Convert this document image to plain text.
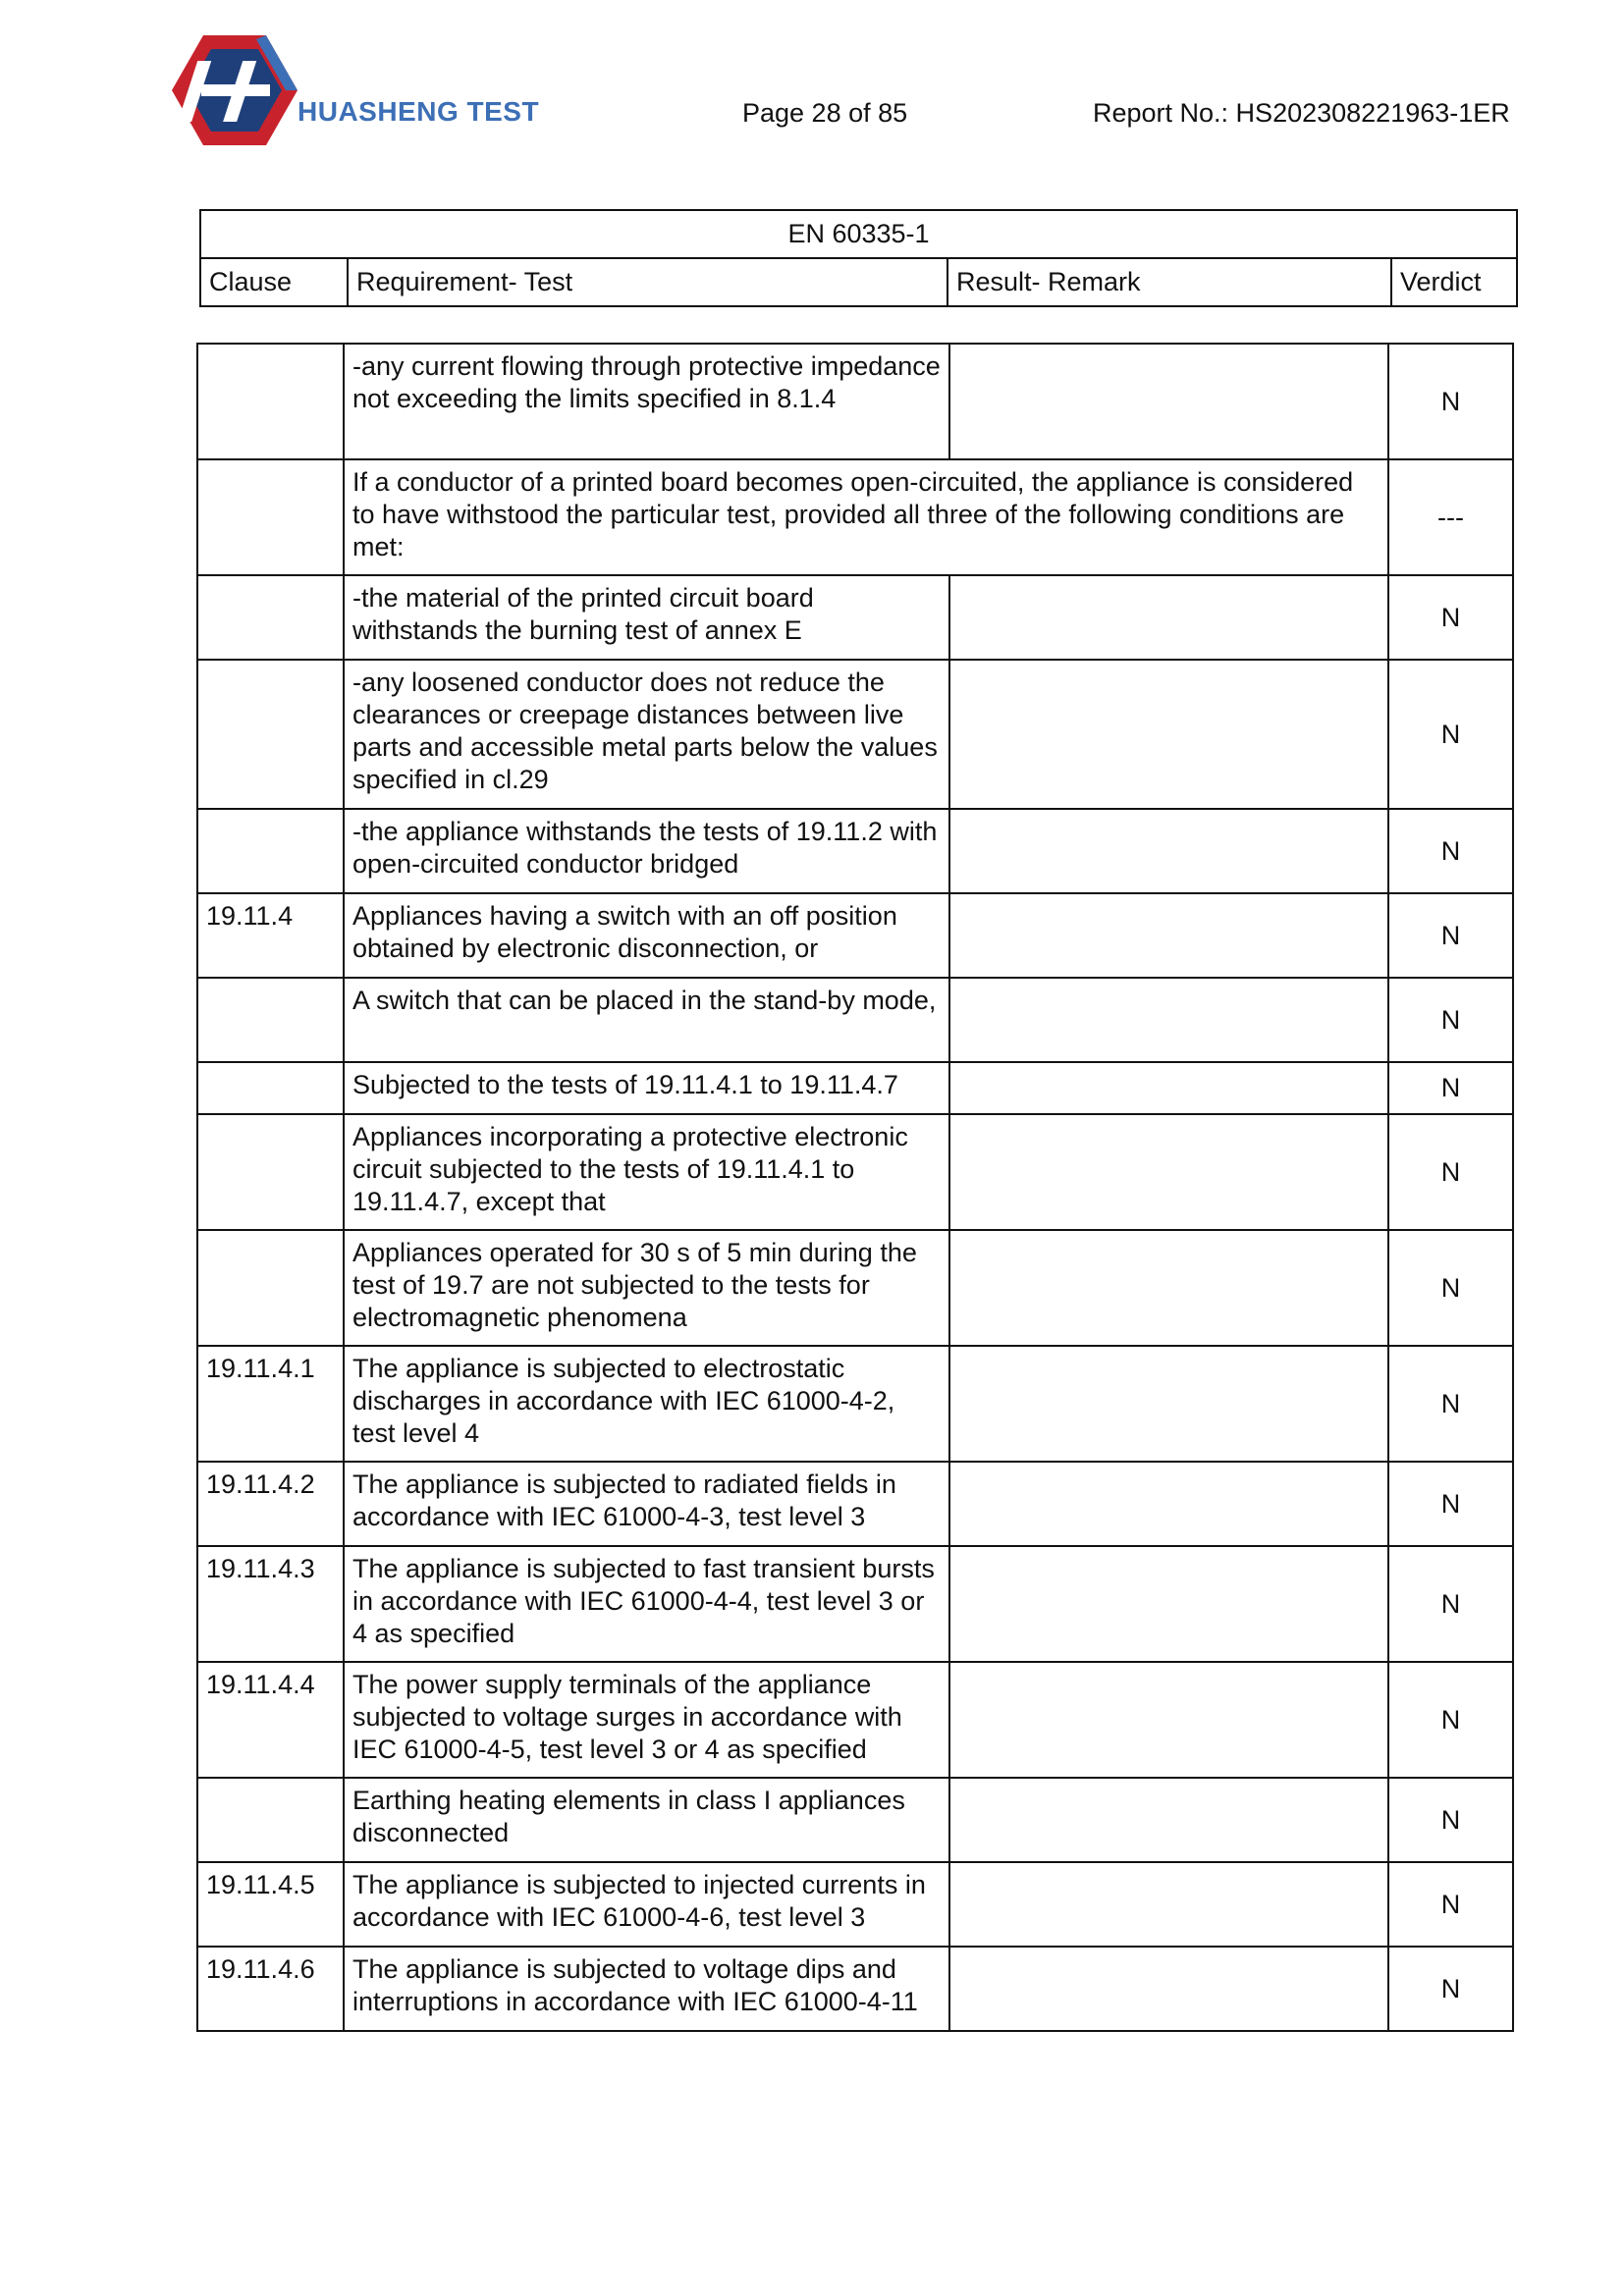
HUASHENG TEST	Page 28 of 85	Report No.: HS202308221963-1ER
EN 60335-1
Clause	Requirement- Test	Result- Remark	Verdict
	-any current flowing through protective impedance not exceeding the limits specified in 8.1.4		N
	If a conductor of a printed board becomes open-circuited, the appliance is considered to have withstood the particular test, provided all three of the following conditions are met:		---
	-the material of the printed circuit board withstands the burning test of annex E		N
	-any loosened conductor does not reduce the clearances or creepage distances between live parts and accessible metal parts below the values specified in cl.29		N
	-the appliance withstands the tests of 19.11.2 with open-circuited conductor bridged		N
19.11.4	Appliances having a switch with an off position obtained by electronic disconnection, or		N
	A switch that can be placed in the stand-by mode,		N
	Subjected to the tests of 19.11.4.1 to 19.11.4.7		N
	Appliances incorporating a protective electronic circuit subjected to the tests of 19.11.4.1 to 19.11.4.7, except that		N
	Appliances operated for 30 s of 5 min during the test of 19.7 are not subjected to the tests for electromagnetic phenomena		N
19.11.4.1	The appliance is subjected to electrostatic discharges in accordance with IEC 61000-4-2, test level 4		N
19.11.4.2	The appliance is subjected to radiated fields in accordance with IEC 61000-4-3, test level 3		N
19.11.4.3	The appliance is subjected to fast transient bursts in accordance with IEC 61000-4-4, test level 3 or 4 as specified		N
19.11.4.4	The power supply terminals of the appliance subjected to voltage surges in accordance with IEC 61000-4-5, test level 3 or 4 as specified		N
	Earthing heating elements in class I appliances disconnected		N
19.11.4.5	The appliance is subjected to injected currents in accordance with IEC 61000-4-6, test level 3		N
19.11.4.6	The appliance is subjected to voltage dips and interruptions in accordance with IEC 61000-4-11		N
